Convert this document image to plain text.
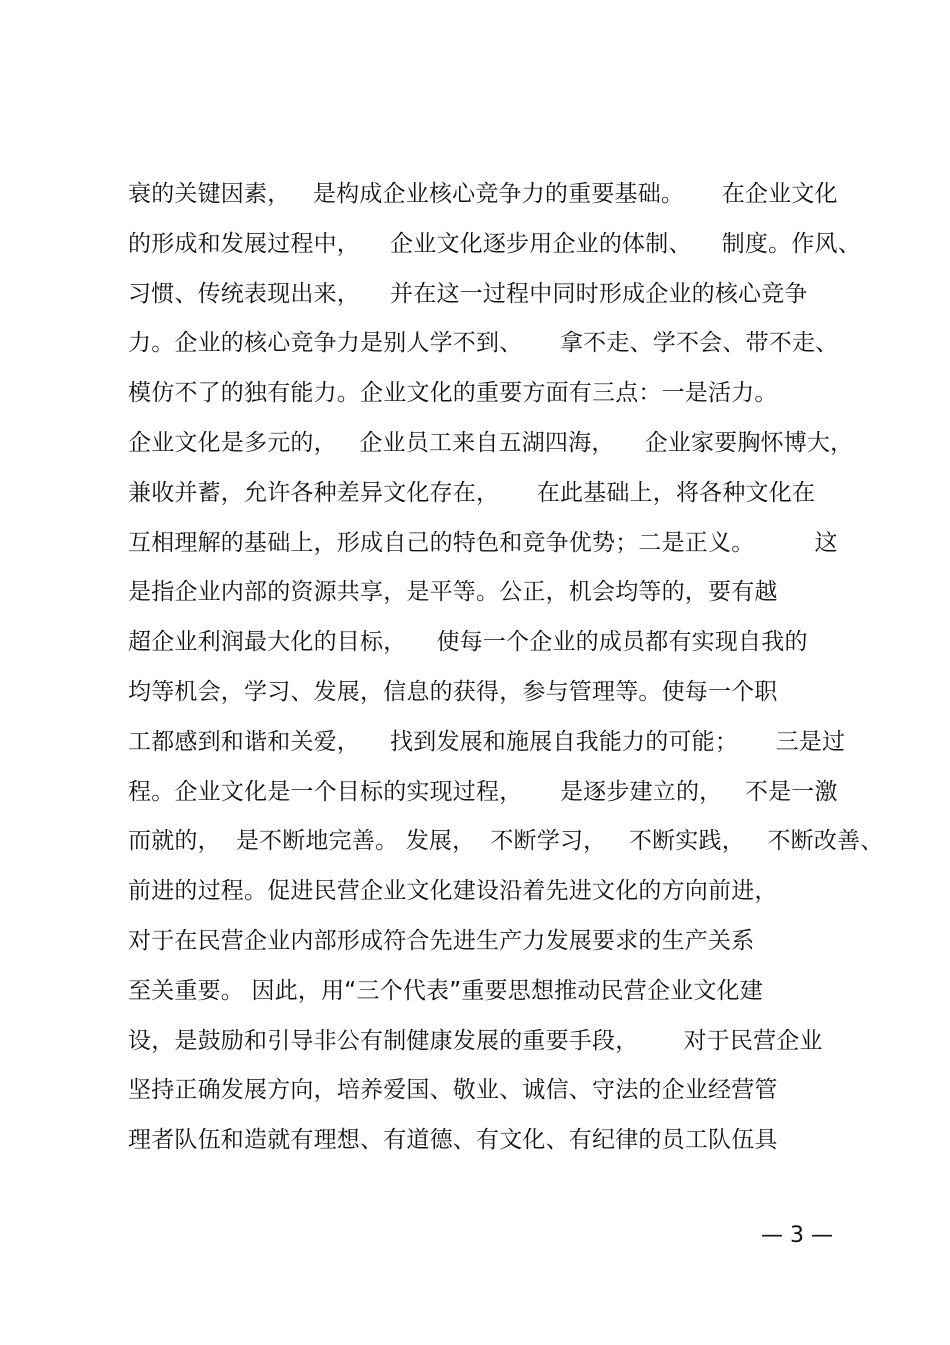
衰的关键因素，   是构成企业核心竞争力的重要基础。     在企业文化
的形成和发展过程中，    企业文化逐步用企业的体制、    制度。作风、
习惯、传统表现出来，    并在这一过程中同时形成企业的核心竞争
力。企业的核心竞争力是别人学不到、     拿不走、学不会、带不走、
模仿不了的独有能力。企业文化的重要方面有三点：一是活力。
企业文化是多元的，   企业员工来自五湖四海，    企业家要胸怀博大，
兼收并蓄，允许各种差异文化存在，     在此基础上，将各种文化在
互相理解的基础上，形成自己的特色和竞争优势；二是正义。        这
是指企业内部的资源共享，是平等。公正，机会均等的，要有越
超企业利润最大化的目标，    使每一个企业的成员都有实现自我的
均等机会，学习、发展，信息的获得，参与管理等。使每一个职
工都感到和谐和关爱，    找到发展和施展自我能力的可能；     三是过
程。企业文化是一个目标的实现过程，     是逐步建立的，   不是一激
而就的，  是不断地完善。 发展，  不断学习，   不断实践，   不断改善、
前进的过程。促进民营企业文化建设沿着先进文化的方向前进，
对于在民营企业内部形成符合先进生产力发展要求的生产关系
至关重要。 因此，用“三个代表”重要思想推动民营企业文化建
设，是鼓励和引导非公有制健康发展的重要手段，      对于民营企业
坚持正确发展方向，培养爱国、敬业、诚信、守法的企业经营管
理者队伍和造就有理想、有道德、有文化、有纪律的员工队伍具
— 3 —
